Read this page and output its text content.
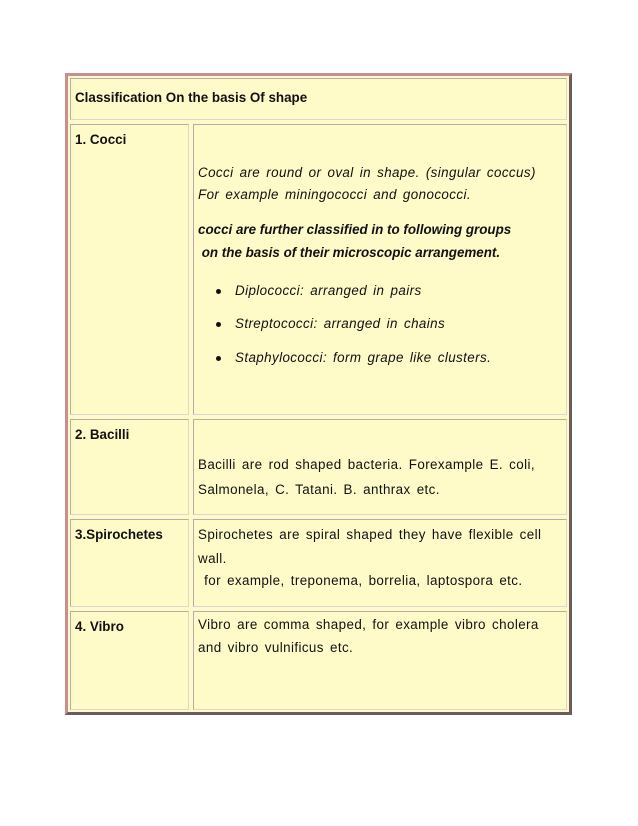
Classification On the basis Of shape
1. Cocci
Cocci are round or oval in shape. (singular coccus)
For example miningococci and gonococci.
cocci are further classified in to following groups
on the basis of their microscopic arrangement.
Diplococci: arranged in pairs
Streptococci: arranged in chains
Staphylococci: form grape like clusters.
2. Bacilli
Bacilli are rod shaped bacteria. Forexample E. coli,
Salmonela, C. Tatani. B. anthrax etc.
3.Spirochetes	Spirochetes are spiral shaped they have flexible cell
wall.
for example, treponema, borrelia, laptospora etc.
4. Vibro	Vibro are comma shaped, for example vibro cholera
and vibro vulnificus etc.
